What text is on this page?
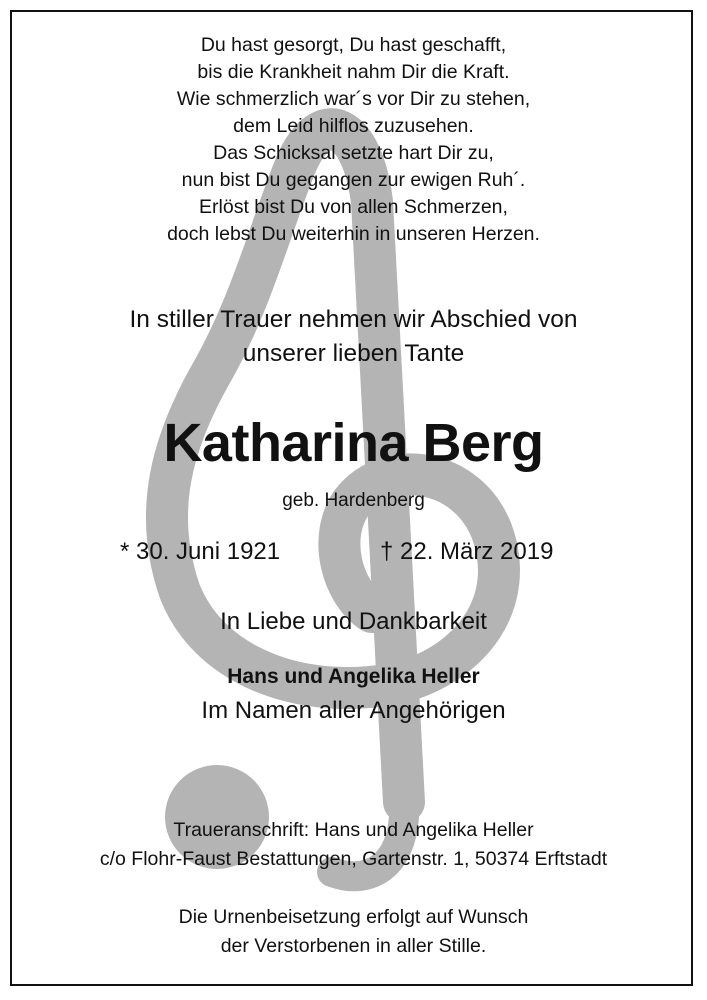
Du hast gesorgt, Du hast geschafft,
bis die Krankheit nahm Dir die Kraft.
Wie schmerzlich war´s vor Dir zu stehen,
dem Leid hilflos zuzusehen.
Das Schicksal setzte hart Dir zu,
nun bist Du gegangen zur ewigen Ruh´.
Erlöst bist Du von allen Schmerzen,
doch lebst Du weiterhin in unseren Herzen.
In stiller Trauer nehmen wir Abschied von
unserer lieben Tante
Katharina Berg
geb. Hardenberg
* 30. Juni 1921	† 22. März 2019
In Liebe und Dankbarkeit
Hans und Angelika Heller
Im Namen aller Angehörigen
Traueranschrift: Hans und Angelika Heller
c/o Flohr-Faust Bestattungen, Gartenstr. 1, 50374 Erftstadt
Die Urnenbeisetzung erfolgt auf Wunsch
der Verstorbenen in aller Stille.
